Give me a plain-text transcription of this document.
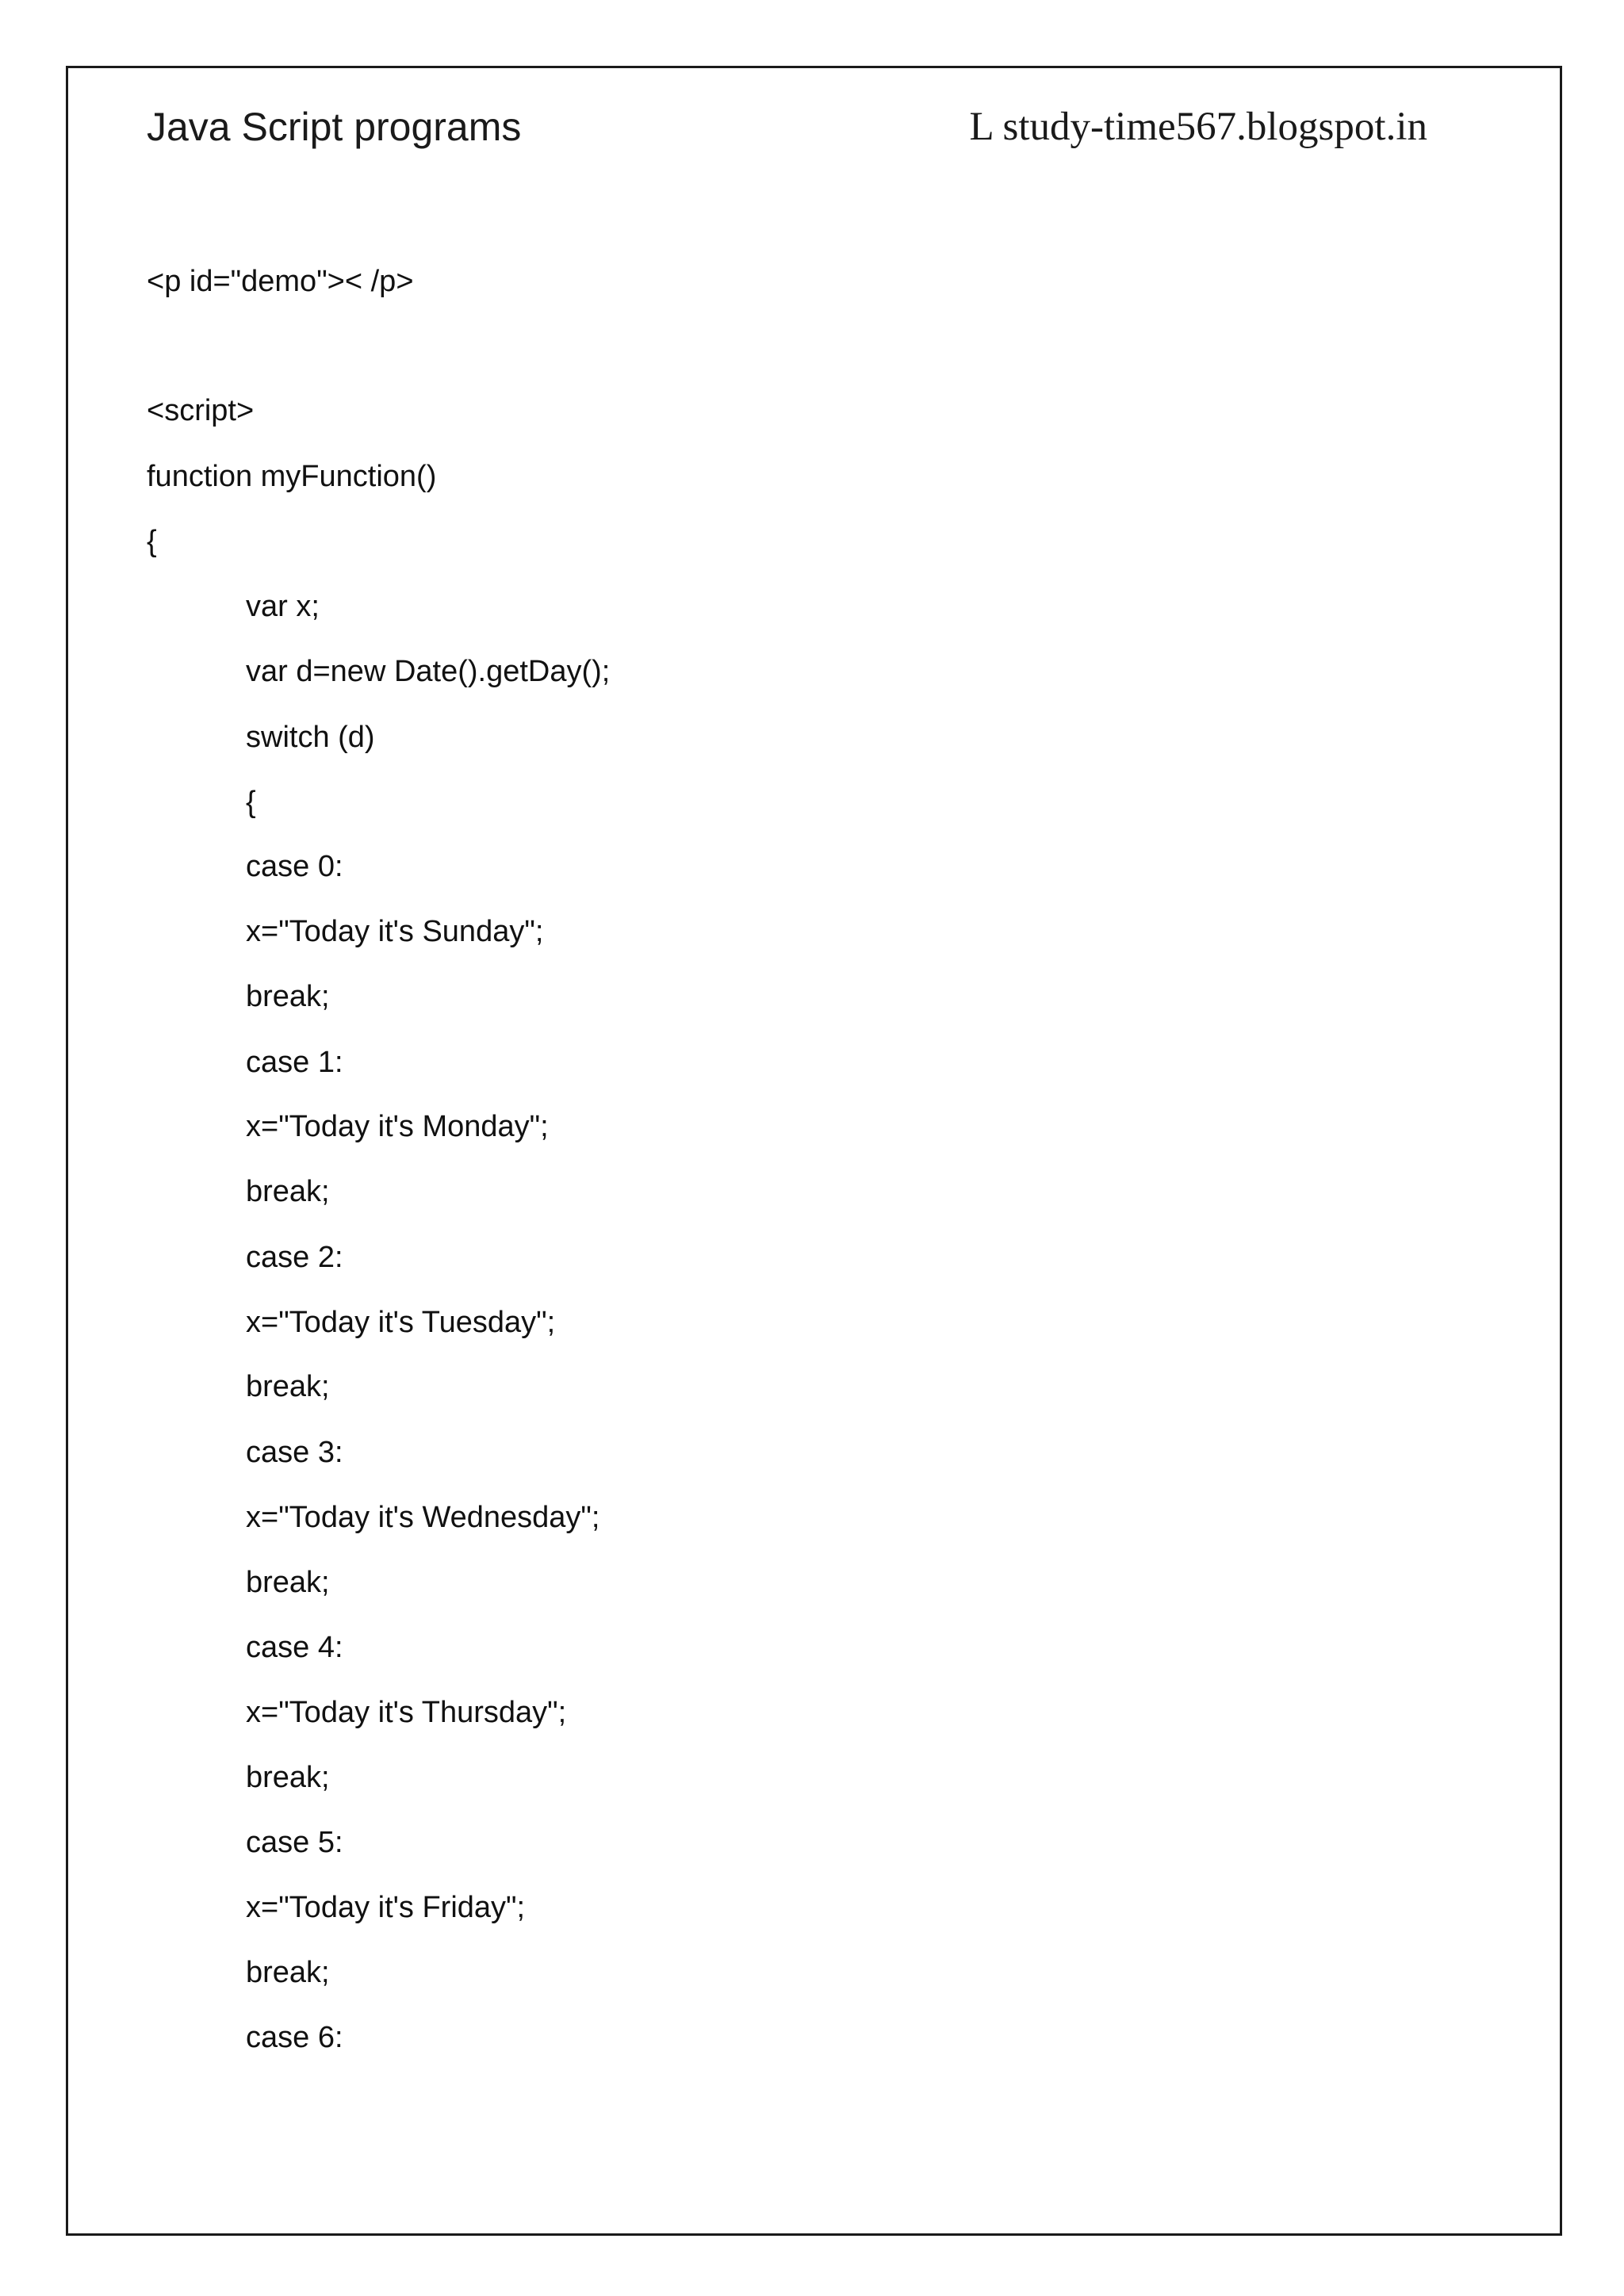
Java Script programs	L study-time567.blogspot.in
<p id="demo">< /p>
<script>
function myFunction()
{
var x;
var d=new Date().getDay();
switch (d)
{
case 0:
x="Today it's Sunday";
break;
case 1:
x="Today it's Monday";
break;
case 2:
x="Today it's Tuesday";
break;
case 3:
x="Today it's Wednesday";
break;
case 4:
x="Today it's Thursday";
break;
case 5:
x="Today it's Friday";
break;
case 6:
